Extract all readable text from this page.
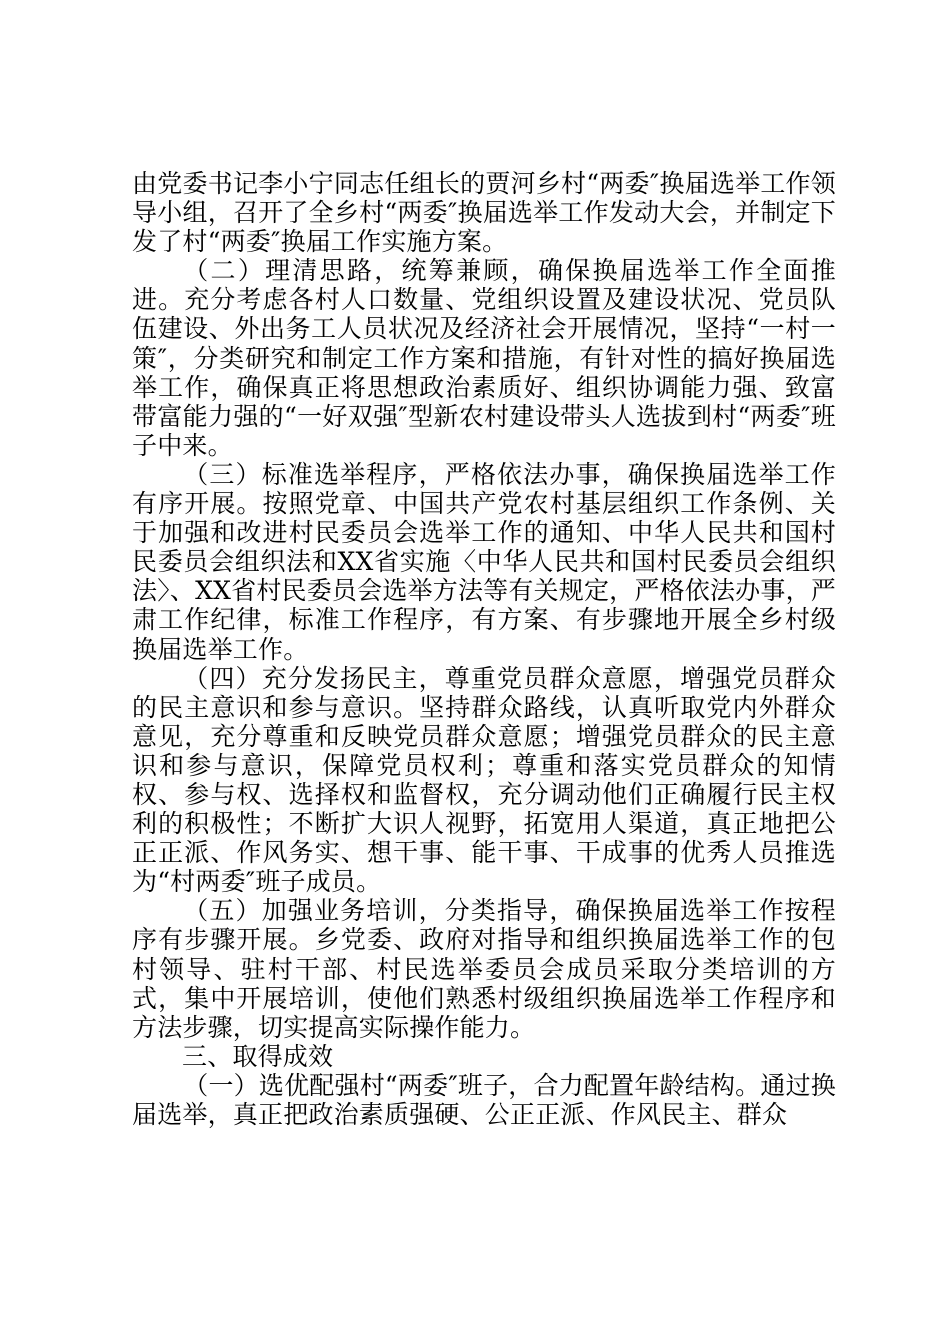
由党委书记李小宁同志任组长的贾河乡村“两委″换届选举工作领导小组，召开了全乡村“两委″换届选举工作发动大会，并制定下发了村“两委″换届工作实施方案。

（二）理清思路，统筹兼顾，确保换届选举工作全面推进。充分考虑各村人口数量、党组织设置及建设状况、党员队伍建设、外出务工人员状况及经济社会开展情况，坚持“一村一策″，分类研究和制定工作方案和措施，有针对性的搞好换届选举工作，确保真正将思想政治素质好、组织协调能力强、致富带富能力强的“一好双强″型新农村建设带头人选拔到村“两委″班子中来。

（三）标准选举程序，严格依法办事，确保换届选举工作有序开展。按照党章、中国共产党农村基层组织工作条例、关于加强和改进村民委员会选举工作的通知、中华人民共和国村民委员会组织法和XX省实施〈中华人民共和国村民委员会组织法〉、XX省村民委员会选举方法等有关规定，严格依法办事，严肃工作纪律，标准工作程序，有方案、有步骤地开展全乡村级换届选举工作。

（四）充分发扬民主，尊重党员群众意愿，增强党员群众的民主意识和参与意识。坚持群众路线，认真听取党内外群众意见，充分尊重和反映党员群众意愿；增强党员群众的民主意识和参与意识，保障党员权利；尊重和落实党员群众的知情权、参与权、选择权和监督权，充分调动他们正确履行民主权利的积极性；不断扩大识人视野，拓宽用人渠道，真正地把公正正派、作风务实、想干事、能干事、干成事的优秀人员推选为“村两委″班子成员。

（五）加强业务培训，分类指导，确保换届选举工作按程序有步骤开展。乡党委、政府对指导和组织换届选举工作的包村领导、驻村干部、村民选举委员会成员采取分类培训的方式，集中开展培训，使他们熟悉村级组织换届选举工作程序和方法步骤，切实提高实际操作能力。

三、取得成效

（一）选优配强村“两委″班子，合力配置年龄结构。通过换届选举，真正把政治素质强硬、公正正派、作风民主、群众
